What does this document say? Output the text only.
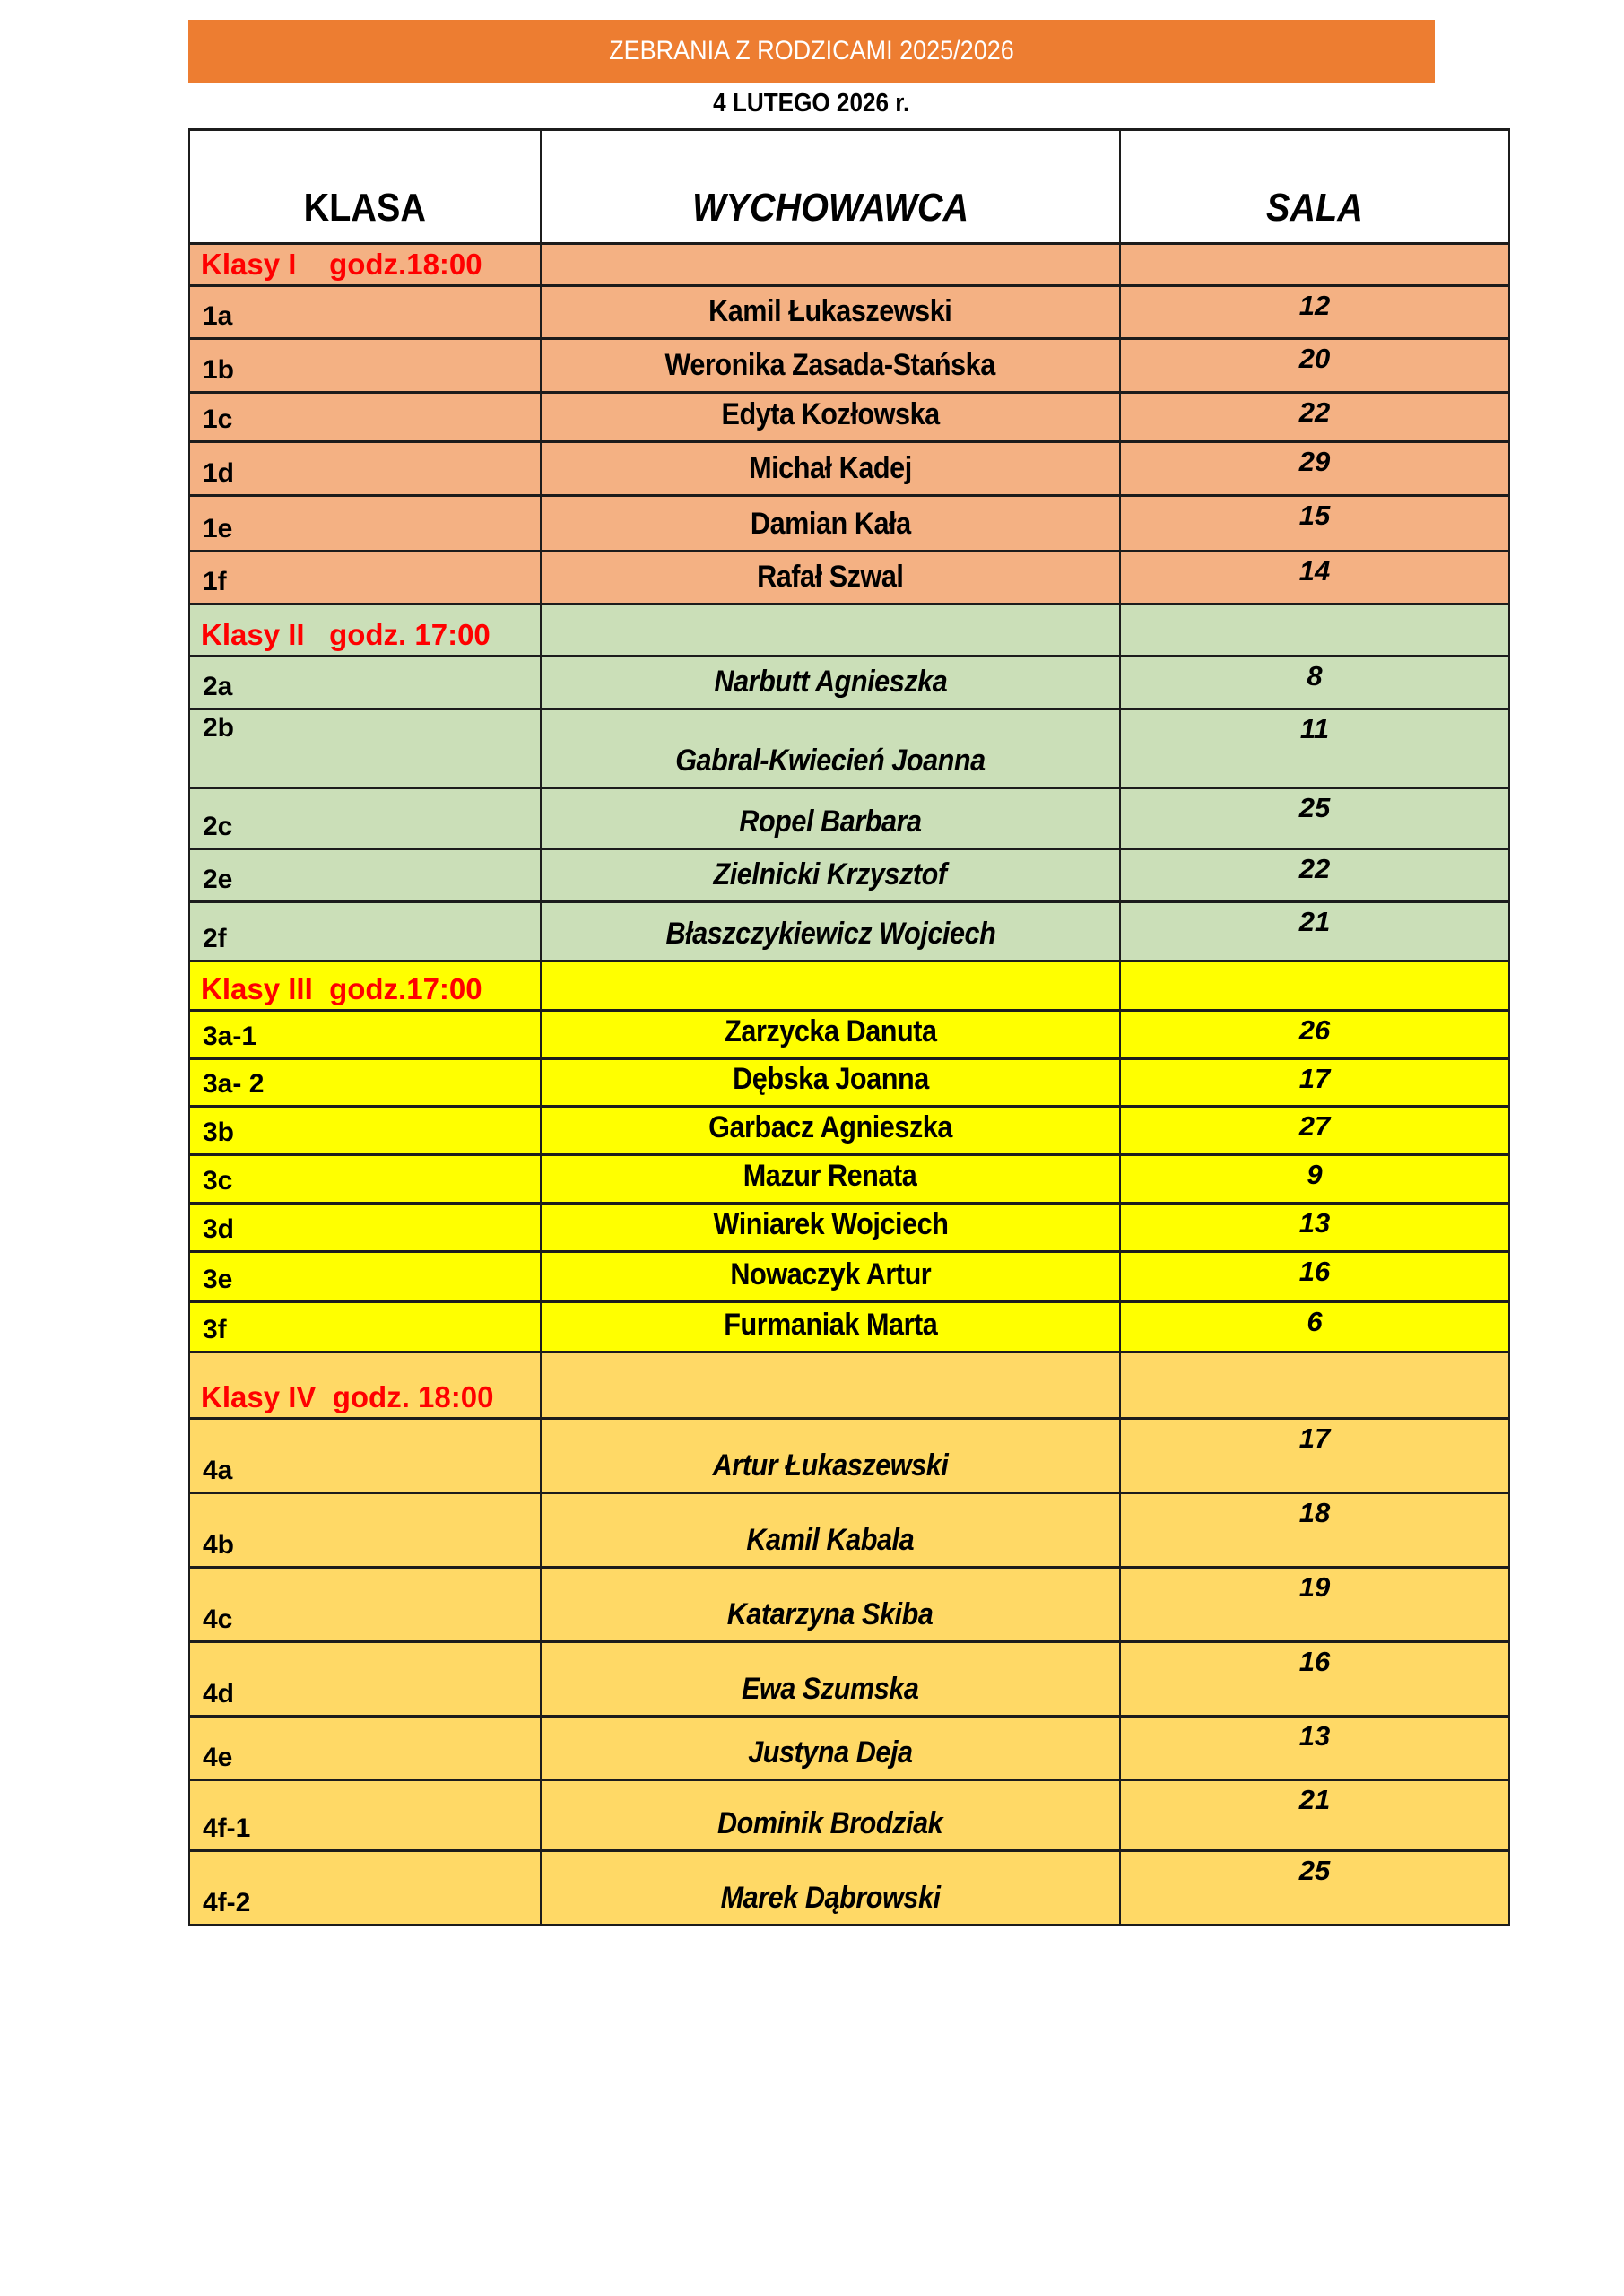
ZEBRANIA Z RODZICAMI 2025/2026
4 LUTEGO 2026 r.
KLASA	WYCHOWAWCA	SALA
Klasy I    godz.18:00		
1a	Kamil Łukaszewski	12
1b	Weronika Zasada-Stańska	20
1c	Edyta Kozłowska	22
1d	Michał Kadej	29
1e	Damian Kała	15
1f	Rafał Szwal	14
Klasy II   godz. 17:00		
2a	Narbutt Agnieszka	8
2b	Gabral-Kwiecień Joanna	11
2c	Ropel Barbara	25
2e	Zielnicki Krzysztof	22
2f	Błaszczykiewicz Wojciech	21
Klasy III  godz.17:00		
3a-1	Zarzycka Danuta	26
3a- 2	Dębska Joanna	17
3b	Garbacz Agnieszka	27
3c	Mazur Renata	9
3d	Winiarek Wojciech	13
3e	Nowaczyk Artur	16
3f	Furmaniak Marta	6
Klasy IV  godz. 18:00		
4a	Artur Łukaszewski	17
4b	Kamil Kabala	18
4c	Katarzyna Skiba	19
4d	Ewa Szumska	16
4e	Justyna Deja	13
4f-1	Dominik Brodziak	21
4f-2	Marek Dąbrowski	25
